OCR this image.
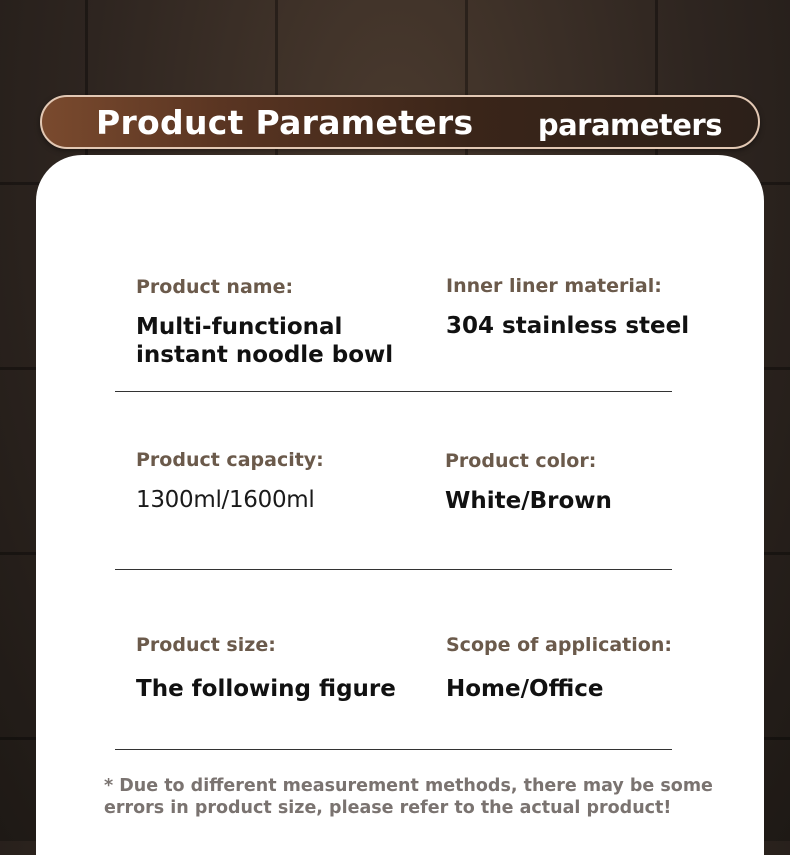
Product Parameters parameters
Product name:
Multi-functional instant noodle bowl
Inner liner material:
304 stainless steel
Product capacity:
1300ml/1600ml
Product color:
White/Brown
Product size:
The following figure
Scope of application:
Home/Office
* Due to different measurement methods, there may be some errors in product size, please refer to the actual product!
